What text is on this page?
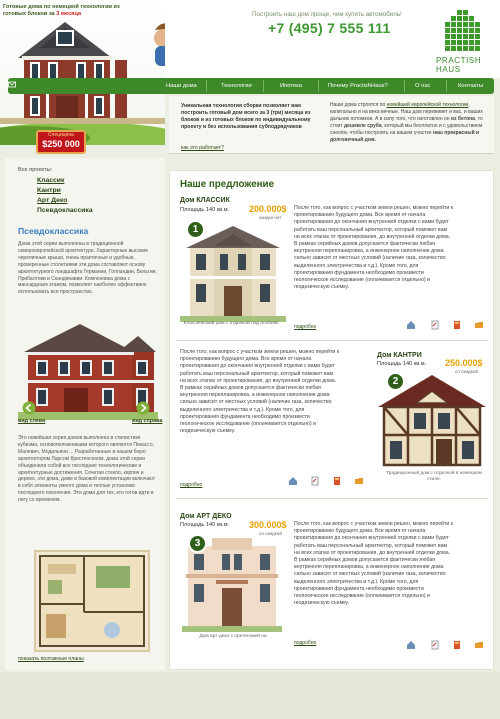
Готовые дома по немецкой технологии из готовых блоков за 3 месяца	Построить наш дом проще, чем купить автомобиль!
+7 (495) 7 555 111
PRACTISH HAUS
Наши дома	Технологии	Ипотека	Почему PractishHaus?	О нас	Контакты
Специцена
$250 000
Уникальная технология сборки позволяет вам построить готовый дом всего за 3 (три) месяца из блоков и из готовых блоков по индивидуальному проекту и без использования субподрядчиков
как это работает?
Наши дома строятся по новейшей европейской технологии, капитально и на века вечные. Наш дом переживет и вас, и ваших дальних потомков. А в силу того, что изготовлен он из бетона, то стоит дешевле сруба, который мы бесплатно и с удовольствием снесём, чтобы построить на вашем участке наш прекрасный и долговечный дом.
Все проекты:
Классик
Кантри
Арт Деко
Псевдоклассика
Псевдоклассика
Дома этой серии выполнены в традиционной североевропейской архитектуре. Характерные высокие черепичные крыши, очень практичные и удобные, проверенные столетиями эти дома составляют основу архитектурного ландшафта Германии, Голландии, Бельгии, Прибалтики и Скандинавии. Компоновка дома с мансардным этажом, позволяет наиболее эффективно использовать все пространство.
вид слева	вид справа
Это новейшая серия домов выполнена в стилистике кубизма, основоположниками которого являются Пикассо, Малевич, Модильяни ... Разработанные в нашем бюро архитектором Ларсом Кристенсеном, дома этой серии объединили собой все последние технологические и архитектурные достижения. Сочетая стекло, кирпич и дерево, эти дома, даже в базовой комплектации включают в себя элементы умного дома и теплые установки последнего поколения. Эти дома для тех, кто готов идти в ногу со временем.
показать поэтажные планы
Наше предложение
Дом КЛАССИК
Площадь 140 кв.м. 200.000$
скидки нет
1
Классический дом с отделкой под особняк
После того, как вопрос с участком земли решен, можно перейти к проектированию будущего дома. Все время от начала проектирования до окончания внутренней отделки с вами будет работать ваш персональный архитектор, который поможет вам на всех этапах от проектирования, до внутренней отделки дома. В рамках серийных домов допускается фактически любая внутренняя перепланировка, а инженерное наполнение дома сильно зависит от местных условий (наличие газа, количество выделенного электричества и т.д.). Кроме того, для проектирования фундамента необходимо произвести геологическое исследование (оплачивается отдельно) и геодезическую съемку.
подробно
После того, как вопрос с участком земли решен, можно перейти к проектированию будущего дома. Все время от начала проектирования до окончания внутренней отделки с вами будет работать ваш персональный архитектор, который поможет вам на всех этапах от проектирования, до внутренней отделки дома. В рамках серийных домов допускается фактически любая внутренняя перепланировка, а инженерное наполнение дома сильно зависит от местных условий (наличие газа, количество выделенного электричества и т.д.). Кроме того, для проектирования фундамента необходимо произвести геологическое исследование (оплачивается отдельно) и геодезическую съемку.
подробно
Дом КАНТРИ
Площадь 140 кв.м. 250.000$
со скидкой
2
Традиционный дом с отделкой в немецком стиле.
Дом АРТ ДЕКО
Площадь 140 кв.м. 300.000$
со скидкой
3
Дом арт-деко с претензией на
После того, как вопрос с участком земли решен, можно перейти к проектированию будущего дома. Все время от начала проектирования до окончания внутренней отделки с вами будет работать ваш персональный архитектор, который поможет вам на всех этапах от проектирования, до внутренней отделки дома. В рамках серийных домов допускается фактически любая внутренняя перепланировка, а инженерное наполнение дома сильно зависит от местных условий (наличие газа, количество выделенного электричества и т.д.). Кроме того, для проектирования фундамента необходимо произвести геологическое исследование (оплачивается отдельно) и геодезическую съемку.
подробно
